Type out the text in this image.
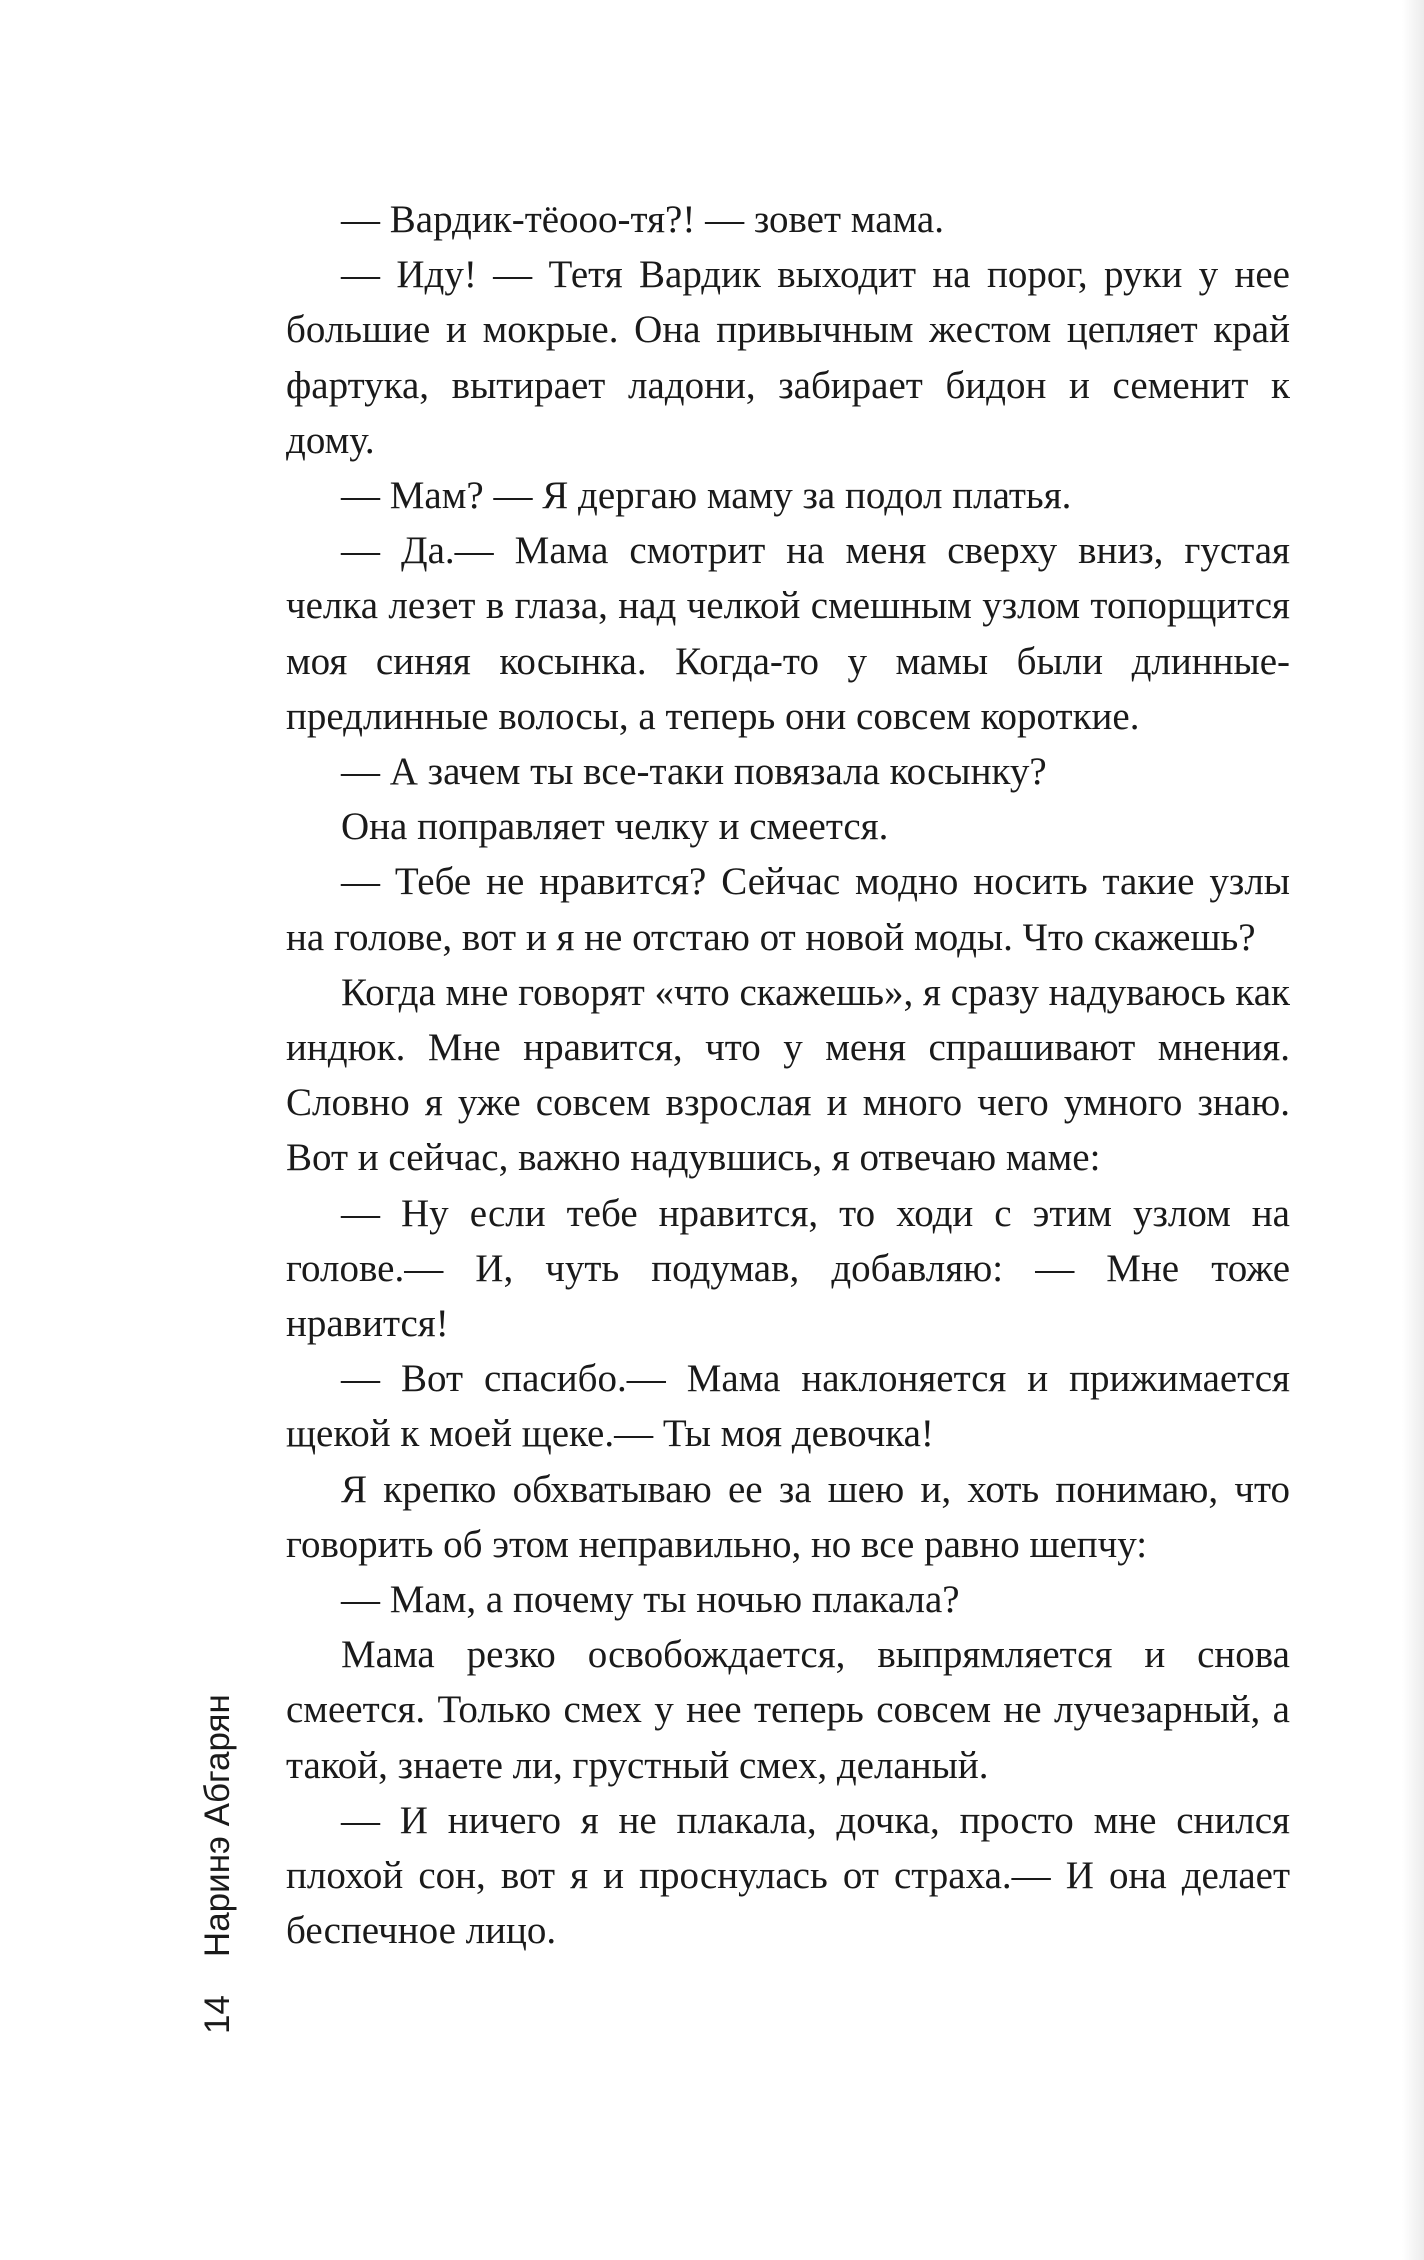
— Вардик-тёооо-тя?! — зовет мама.

— Иду! — Тетя Вардик выходит на порог, руки у нее большие и мокрые. Она привычным жестом цепляет край фартука, вытирает ладони, забирает бидон и семенит к дому.

— Мам? — Я дергаю маму за подол платья.

— Да.— Мама смотрит на меня сверху вниз, густая челка лезет в глаза, над челкой смешным узлом топорщится моя синяя косынка. Когда-то у мамы были длинные-предлинные волосы, а теперь они совсем короткие.

— А зачем ты все-таки повязала косынку?

Она поправляет челку и смеется.

— Тебе не нравится? Сейчас модно носить такие узлы на голове, вот и я не отстаю от новой моды. Что скажешь?

Когда мне говорят «что скажешь», я сразу надуваюсь как индюк. Мне нравится, что у меня спрашивают мнения. Словно я уже совсем взрослая и много чего умного знаю. Вот и сейчас, важно надувшись, я отвечаю маме:

— Ну если тебе нравится, то ходи с этим узлом на голове.— И, чуть подумав, добавляю: — Мне тоже нравится!

— Вот спасибо.— Мама наклоняется и прижимается щекой к моей щеке.— Ты моя девочка!

Я крепко обхватываю ее за шею и, хоть понимаю, что говорить об этом неправильно, но все равно шепчу:

— Мам, а почему ты ночью плакала?

Мама резко освобождается, выпрямляется и снова смеется. Только смех у нее теперь совсем не лучезарный, а такой, знаете ли, грустный смех, деланый.

— И ничего я не плакала, дочка, просто мне снился плохой сон, вот я и проснулась от страха.— И она делает беспечное лицо.

14Наринэ Абгарян
